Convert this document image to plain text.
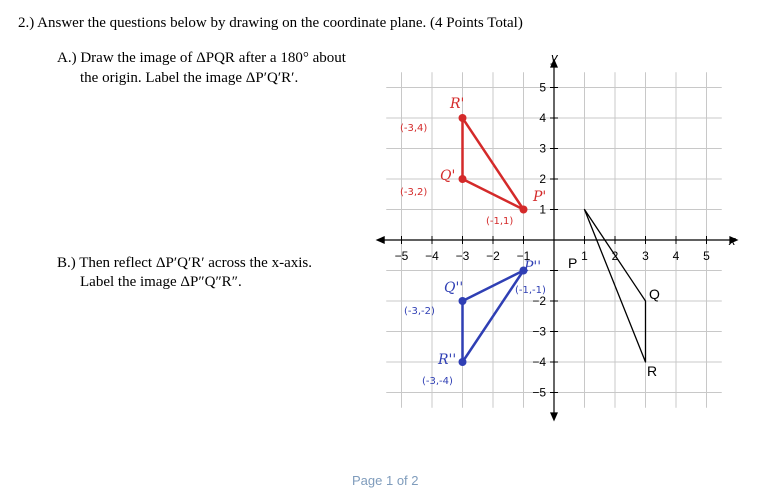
2.) Answer the questions below by drawing on the coordinate plane. (4 Points Total)
A.) Draw the image of ΔPQR after a 180° about
the origin. Label the image ΔP′Q′R′.
B.) Then reflect ΔP′Q′R′ across the x-axis.
Label the image ΔP″Q″R″.
−5 −4 −3 −2 −1	1 2 3 4 5
5
4
3
2
1
−2
−3
−4
−5
x
y
P
Q
R
R'
Q'
P'
(-3,4)
(-3,2)
(-1,1)
P''
Q''
R''
(-1,-1)
(-3,-2)
(-3,-4)
Page 1 of 2
